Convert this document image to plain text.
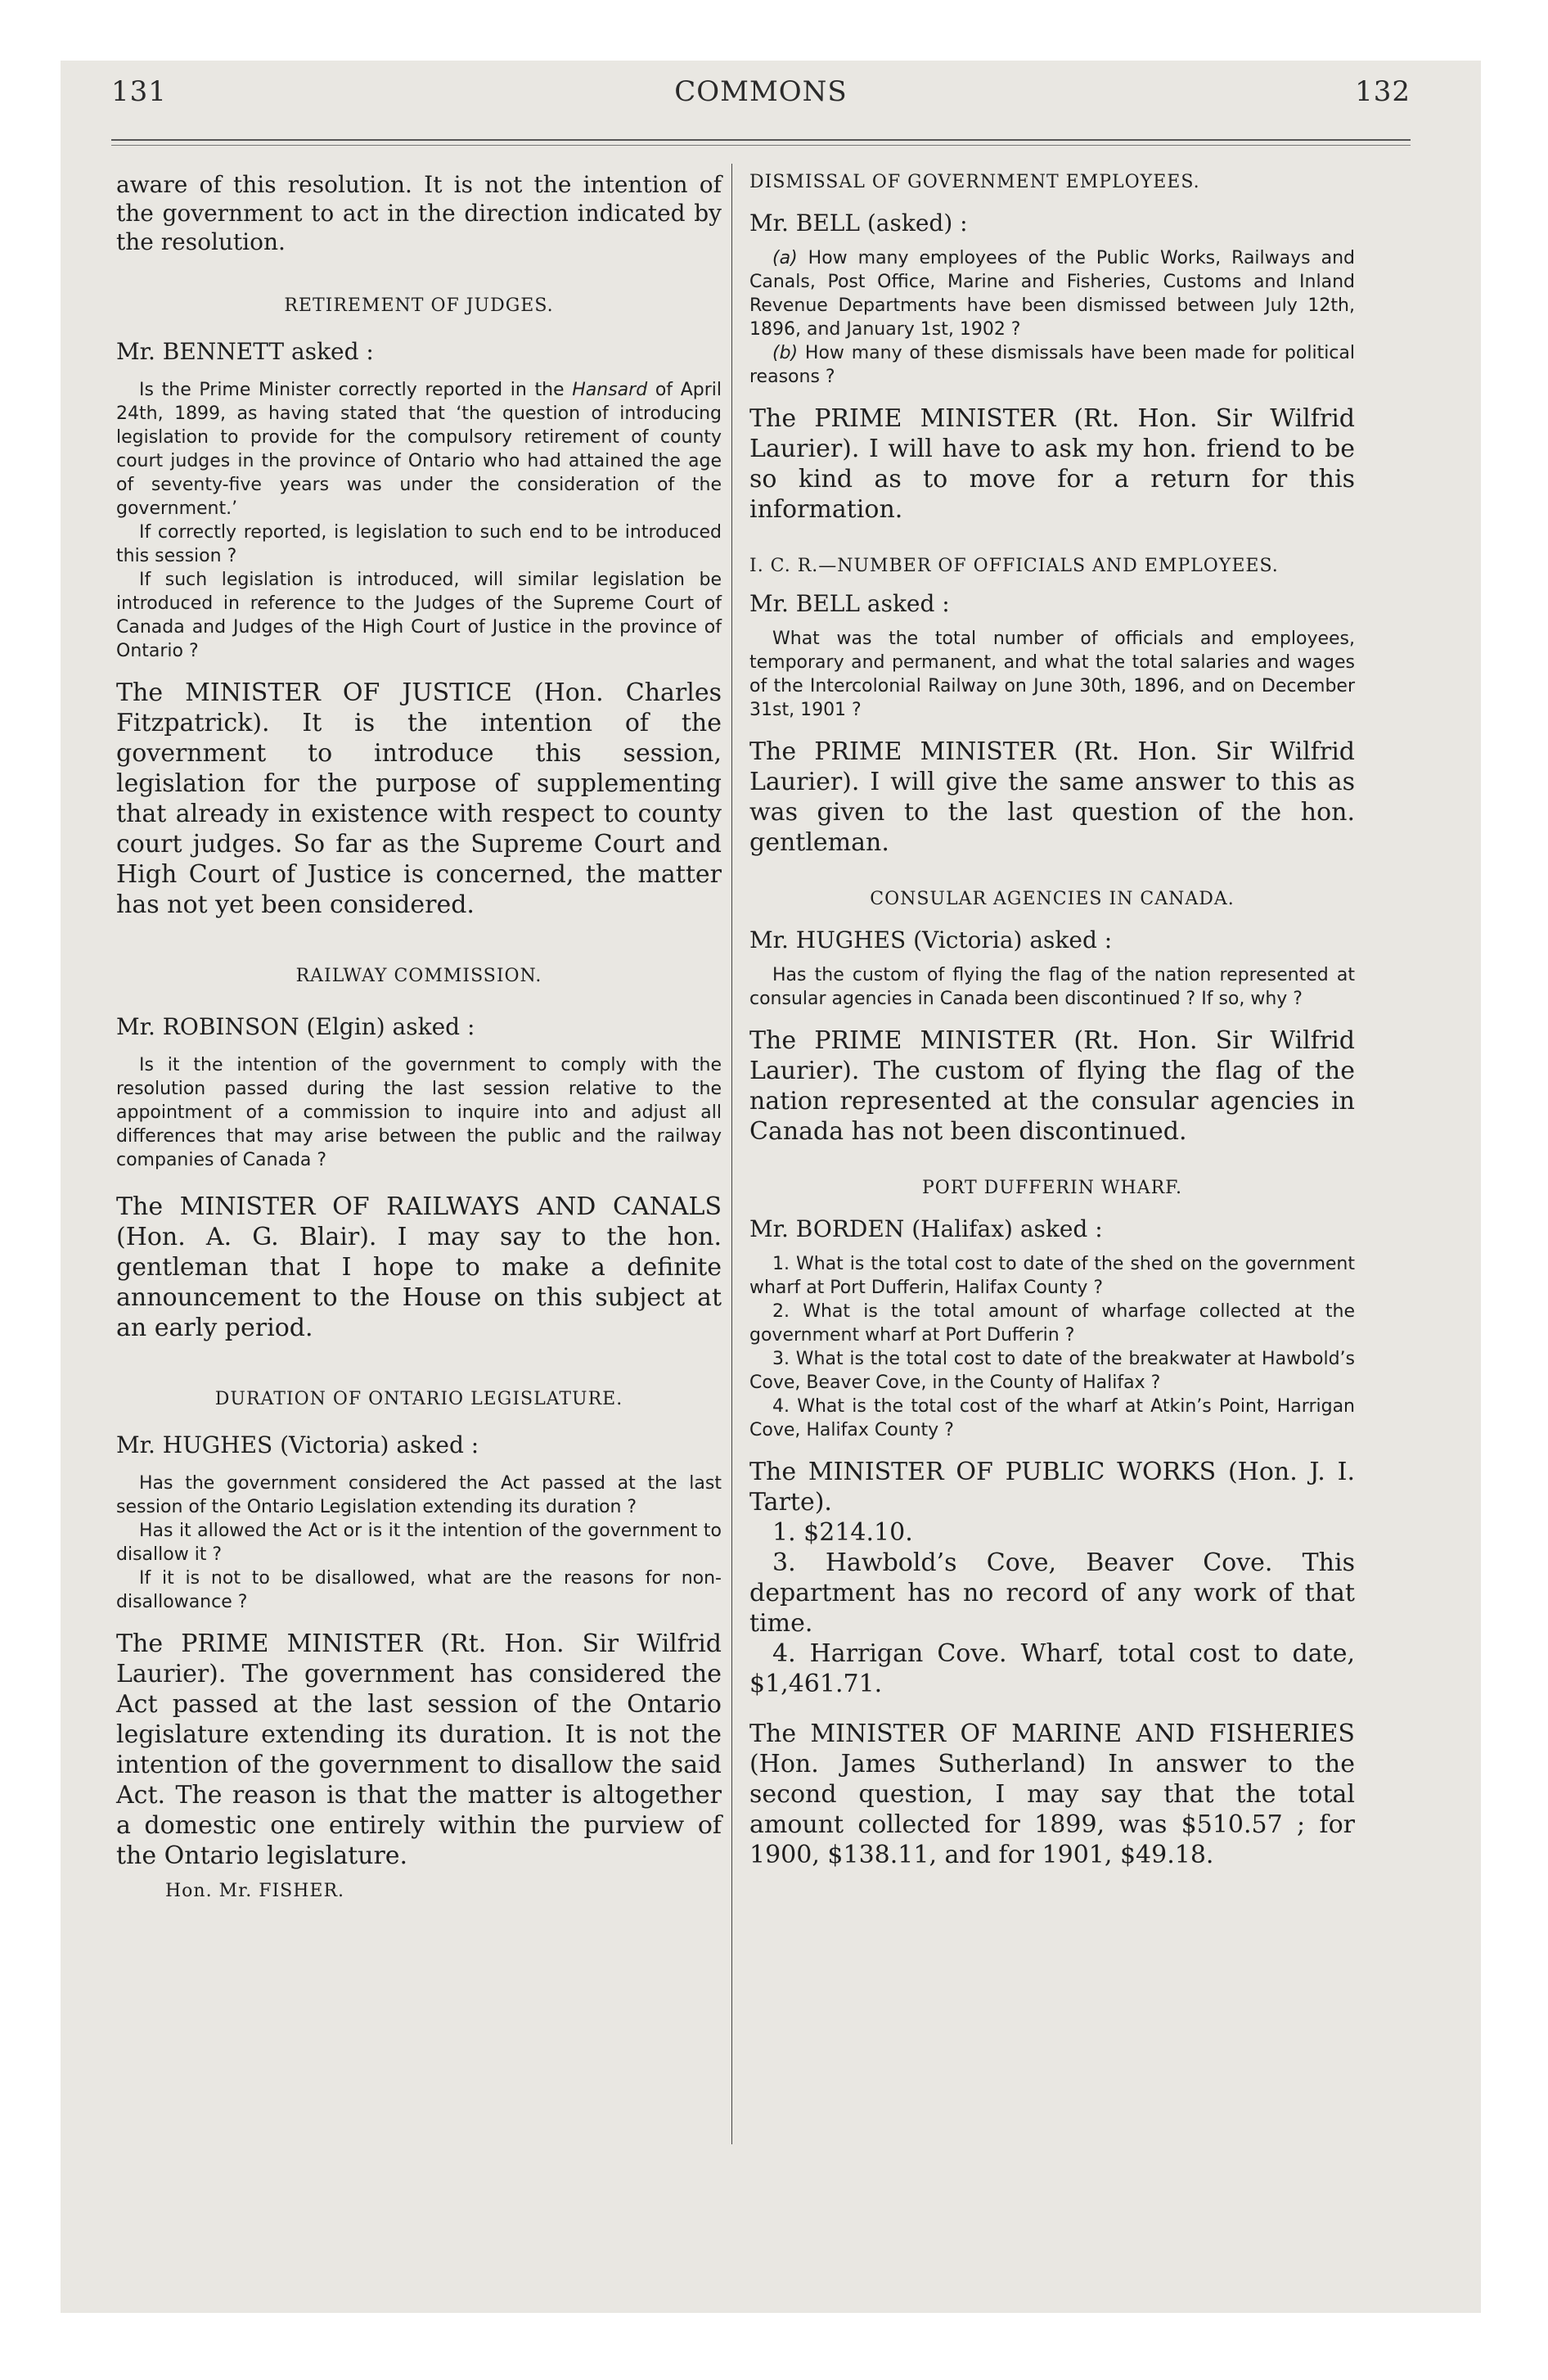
131	COMMONS	132

aware of this resolution. It is not the intention of the government to act in the direction indicated by the resolution.

RETIREMENT OF JUDGES.

Mr. BENNETT asked :

Is the Prime Minister correctly reported in the Hansard of April 24th, 1899, as having stated that ‘the question of introducing legislation to provide for the compulsory retirement of county court judges in the province of Ontario who had attained the age of seventy-five years was under the consideration of the government.’

If correctly reported, is legislation to such end to be introduced this session ?

If such legislation is introduced, will similar legislation be introduced in reference to the Judges of the Supreme Court of Canada and Judges of the High Court of Justice in the province of Ontario ?

The MINISTER OF JUSTICE (Hon. Charles Fitzpatrick). It is the intention of the government to introduce this session, legislation for the purpose of supplementing that already in existence with respect to county court judges. So far as the Supreme Court and High Court of Justice is concerned, the matter has not yet been considered.

RAILWAY COMMISSION.

Mr. ROBINSON (Elgin) asked :

Is it the intention of the government to comply with the resolution passed during the last session relative to the appointment of a commission to inquire into and adjust all differences that may arise between the public and the railway companies of Canada ?

The MINISTER OF RAILWAYS AND CANALS (Hon. A. G. Blair). I may say to the hon. gentleman that I hope to make a definite announcement to the House on this subject at an early period.

DURATION OF ONTARIO LEGISLATURE.

Mr. HUGHES (Victoria) asked :

Has the government considered the Act passed at the last session of the Ontario Legislation extending its duration ?

Has it allowed the Act or is it the intention of the government to disallow it ?

If it is not to be disallowed, what are the reasons for non-disallowance ?

The PRIME MINISTER (Rt. Hon. Sir Wilfrid Laurier). The government has considered the Act passed at the last session of the Ontario legislature extending its duration. It is not the intention of the government to disallow the said Act. The reason is that the matter is altogether a domestic one entirely within the purview of the Ontario legislature.

Hon. Mr. FISHER.

DISMISSAL OF GOVERNMENT EMPLOYEES.

Mr. BELL (asked) :

(a) How many employees of the Public Works, Railways and Canals, Post Office, Marine and Fisheries, Customs and Inland Revenue Departments have been dismissed between July 12th, 1896, and January 1st, 1902 ?

(b) How many of these dismissals have been made for political reasons ?

The PRIME MINISTER (Rt. Hon. Sir Wilfrid Laurier). I will have to ask my hon. friend to be so kind as to move for a return for this information.

I. C. R.—NUMBER OF OFFICIALS AND EMPLOYEES.

Mr. BELL asked :

What was the total number of officials and employees, temporary and permanent, and what the total salaries and wages of the Intercolonial Railway on June 30th, 1896, and on December 31st, 1901 ?

The PRIME MINISTER (Rt. Hon. Sir Wilfrid Laurier). I will give the same answer to this as was given to the last question of the hon. gentleman.

CONSULAR AGENCIES IN CANADA.

Mr. HUGHES (Victoria) asked :

Has the custom of flying the flag of the nation represented at consular agencies in Canada been discontinued ? If so, why ?

The PRIME MINISTER (Rt. Hon. Sir Wilfrid Laurier). The custom of flying the flag of the nation represented at the consular agencies in Canada has not been discontinued.

PORT DUFFERIN WHARF.

Mr. BORDEN (Halifax) asked :

1. What is the total cost to date of the shed on the government wharf at Port Dufferin, Halifax County ?

2. What is the total amount of wharfage collected at the government wharf at Port Dufferin ?

3. What is the total cost to date of the breakwater at Hawbold’s Cove, Beaver Cove, in the County of Halifax ?

4. What is the total cost of the wharf at Atkin’s Point, Harrigan Cove, Halifax County ?

The MINISTER OF PUBLIC WORKS (Hon. J. I. Tarte).

1. $214.10.

3. Hawbold’s Cove, Beaver Cove. This department has no record of any work of that time.

4. Harrigan Cove. Wharf, total cost to date, $1,461.71.

The MINISTER OF MARINE AND FISHERIES (Hon. James Sutherland) In answer to the second question, I may say that the total amount collected for 1899, was $510.57 ; for 1900, $138.11, and for 1901, $49.18.
